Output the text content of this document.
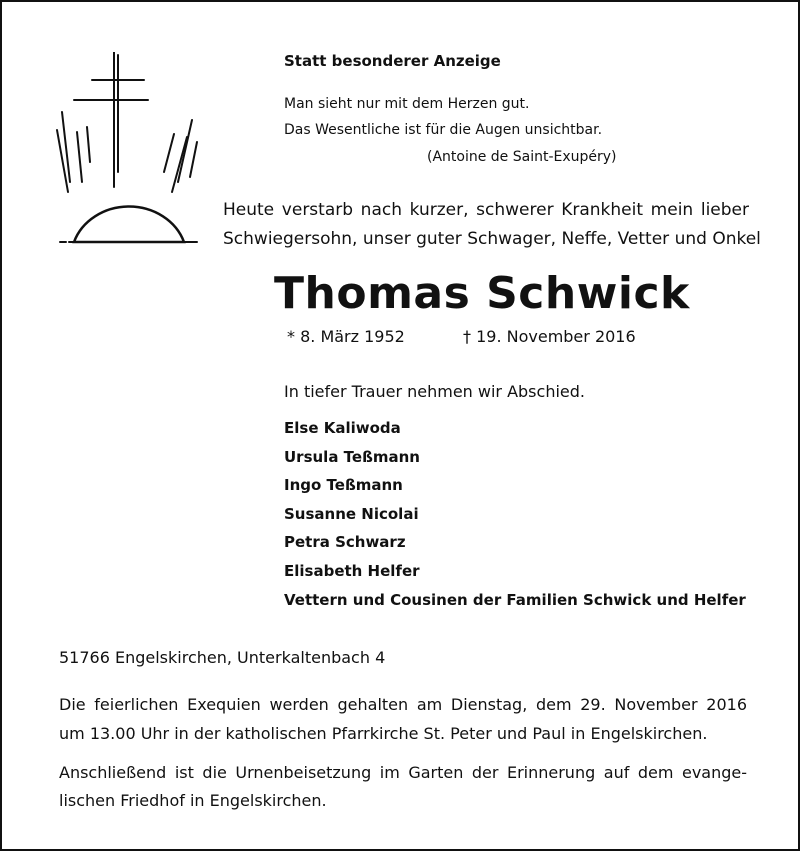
Statt besonderer Anzeige
Man sieht nur mit dem Herzen gut.
Das Wesentliche ist für die Augen unsichtbar.
(Antoine de Saint-Exupéry)
Heute verstarb nach kurzer, schwerer Krankheit mein lieber
Schwiegersohn, unser guter Schwager, Neffe, Vetter und Onkel
Thomas Schwick
* 8. März 1952	† 19. November 2016
In tiefer Trauer nehmen wir Abschied.
Else Kaliwoda
Ursula Teßmann
Ingo Teßmann
Susanne Nicolai
Petra Schwarz
Elisabeth Helfer
Vettern und Cousinen der Familien Schwick und Helfer
51766 Engelskirchen, Unterkaltenbach 4
Die feierlichen Exequien werden gehalten am Dienstag, dem 29. November 2016
um 13.00 Uhr in der katholischen Pfarrkirche St. Peter und Paul in Engelskirchen.
Anschließend ist die Urnenbeisetzung im Garten der Erinnerung auf dem evange-
lischen Friedhof in Engelskirchen.
